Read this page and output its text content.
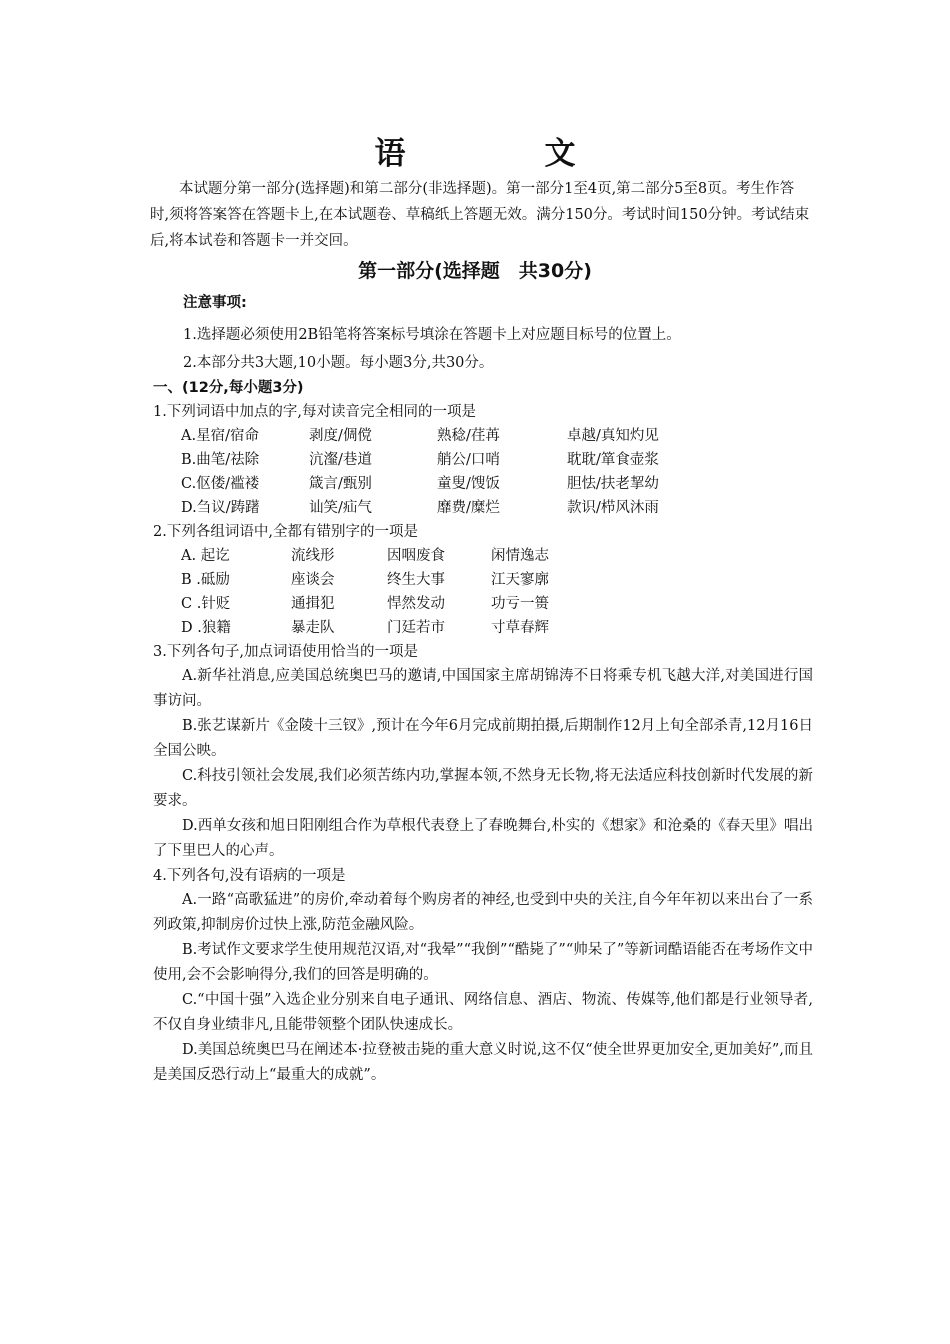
语　文
本试题分第一部分(选择题)和第二部分(非选择题)。第一部分1至4页,第二部分5至8页。考生作答时,须将答案答在答题卡上,在本试题卷、草稿纸上答题无效。满分150分。考试时间150分钟。考试结束后,将本试卷和答题卡一并交回。
第一部分(选择题　共30分)
注意事项:
1.选择题必须使用2B铅笔将答案标号填涂在答题卡上对应题目标号的位置上。
2.本部分共3大题,10小题。每小题3分,共30分。
一、(12分,每小题3分)
1.下列词语中加点的字,每对读音完全相同的一项是
A.星宿/宿命	剥度/倜傥	熟稔/荏苒	卓越/真知灼见
B.曲笔/祛除	沆瀣/巷道	艄公/口哨	耽耽/箪食壶浆
C.伛偻/褴褛	箴言/甄别	童叟/馊饭	胆怯/扶老挈幼
D.刍议/踌躇	讪笑/疝气	靡费/糜烂	款识/栉风沐雨
2.下列各组词语中,全都有错别字的一项是
A. 起讫	流线形	因咽废食	闲情逸志
B .砥励	座谈会	终生大事	江天寥廓
C .针贬	通揖犯	悍然发动	功亏一篑
D .狼籍	暴走队	门廷若市	寸草春辉
3.下列各句子,加点词语使用恰当的一项是
A.新华社消息,应美国总统奥巴马的邀请,中国国家主席胡锦涛不日将乘专机飞越大洋,对美国进行国事访问。
B.张艺谋新片《金陵十三钗》,预计在今年6月完成前期拍摄,后期制作12月上旬全部杀青,12月16日全国公映。
C.科技引领社会发展,我们必须苦练内功,掌握本领,不然身无长物,将无法适应科技创新时代发展的新要求。
D.西单女孩和旭日阳刚组合作为草根代表登上了春晚舞台,朴实的《想家》和沧桑的《春天里》唱出了下里巴人的心声。
4.下列各句,没有语病的一项是
A.一路“高歌猛进”的房价,牵动着每个购房者的神经,也受到中央的关注,自今年年初以来出台了一系列政策,抑制房价过快上涨,防范金融风险。
B.考试作文要求学生使用规范汉语,对“我晕”“我倒”“酷毙了”“帅呆了”等新词酷语能否在考场作文中使用,会不会影响得分,我们的回答是明确的。
C.“中国十强”入选企业分别来自电子通讯、网络信息、酒店、物流、传媒等,他们都是行业领导者,不仅自身业绩非凡,且能带领整个团队快速成长。
D.美国总统奥巴马在阐述本·拉登被击毙的重大意义时说,这不仅“使全世界更加安全,更加美好”,而且是美国反恐行动上“最重大的成就”。
